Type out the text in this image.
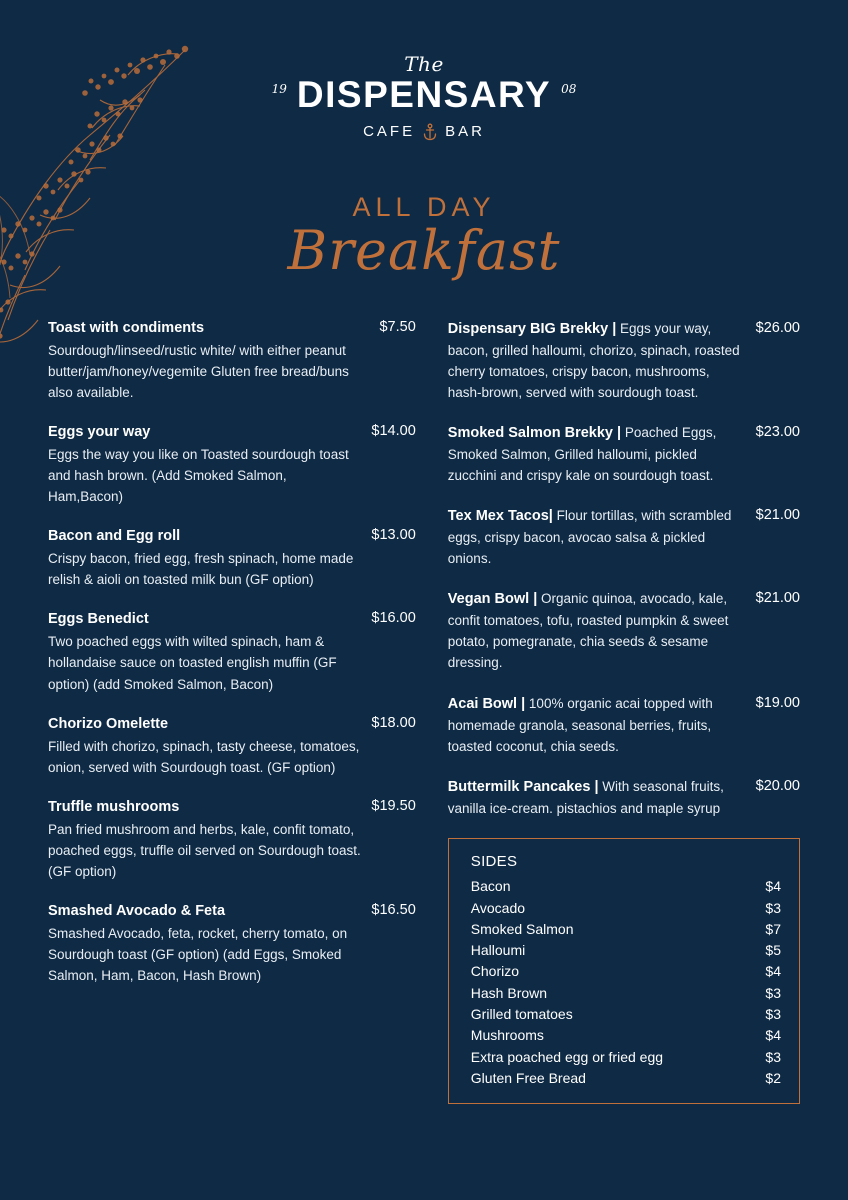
The
19 DISPENSARY 08
CAFE BAR
ALL DAY
Breakfast
Toast with condiments
Sourdough/linseed/rustic white/ with either peanut butter/jam/honey/vegemite Gluten free bread/buns also available.
$7.50
Eggs your way
Eggs the way you like on Toasted sourdough toast and hash brown. (Add Smoked Salmon, Ham,Bacon)
$14.00
Bacon and Egg roll
Crispy bacon, fried egg, fresh spinach, home made relish & aioli on toasted milk bun (GF option)
$13.00
Eggs Benedict
Two poached eggs with wilted spinach, ham & hollandaise sauce on toasted english muffin (GF option) (add Smoked Salmon, Bacon)
$16.00
Chorizo Omelette
Filled with chorizo, spinach, tasty cheese, tomatoes, onion, served with Sourdough toast. (GF option)
$18.00
Truffle mushrooms
Pan fried mushroom and herbs, kale, confit tomato, poached eggs, truffle oil served on Sourdough toast. (GF option)
$19.50
Smashed Avocado & Feta
Smashed Avocado, feta, rocket, cherry tomato, on Sourdough toast (GF option) (add Eggs, Smoked Salmon, Ham, Bacon, Hash Brown)
$16.50
Dispensary BIG Brekky | Eggs your way, bacon, grilled halloumi, chorizo, spinach, roasted cherry tomatoes, crispy bacon, mushrooms, hash-brown, served with sourdough toast.
$26.00
Smoked Salmon Brekky | Poached Eggs, Smoked Salmon, Grilled halloumi, pickled zucchini and crispy kale on sourdough toast.
$23.00
Tex Mex Tacos| Flour tortillas, with scrambled eggs, crispy bacon, avocao salsa & pickled onions.
$21.00
Vegan Bowl | Organic quinoa, avocado, kale, confit tomatoes, tofu, roasted pumpkin & sweet potato, pomegranate, chia seeds & sesame dressing.
$21.00
Acai Bowl | 100% organic acai topped with homemade granola, seasonal berries, fruits, toasted coconut, chia seeds.
$19.00
Buttermilk Pancakes | With seasonal fruits, vanilla ice-cream. pistachios and maple syrup
$20.00
SIDES
Bacon	$4
Avocado	$3
Smoked Salmon	$7
Halloumi	$5
Chorizo	$4
Hash Brown	$3
Grilled tomatoes	$3
Mushrooms	$4
Extra poached egg or fried egg	$3
Gluten Free Bread	$2
